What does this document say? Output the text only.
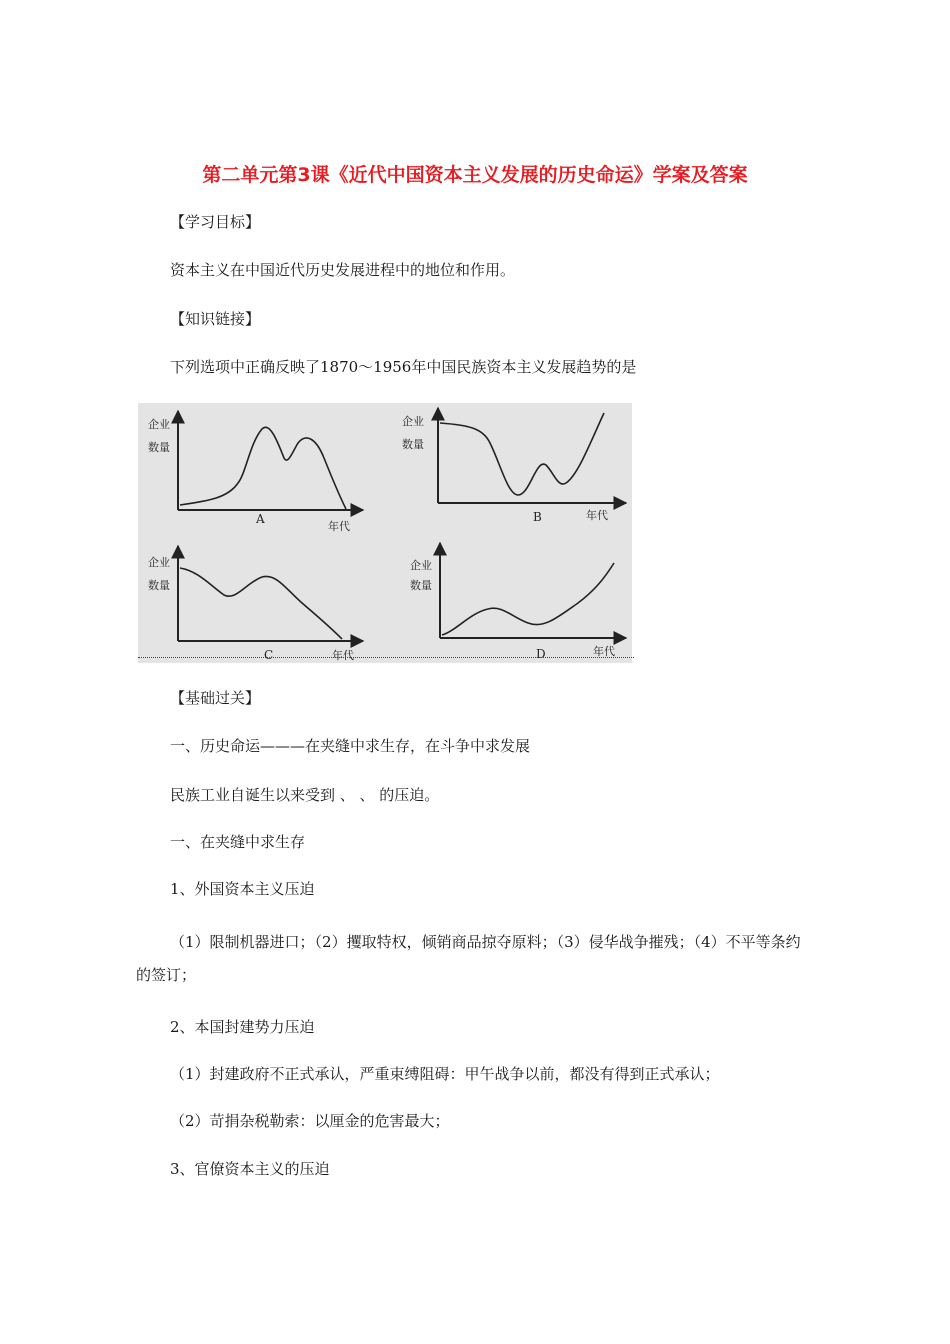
第二单元第3课《近代中国资本主义发展的历史命运》学案及答案

【学习目标】

资本主义在中国近代历史发展进程中的地位和作用。

【知识链接】

下列选项中正确反映了1870～1956年中国民族资本主义发展趋势的是

企业
数量
A
年代
企业
数量
B	年代
企业
数量
C	年代
企业
数量
D	年代

【基础过关】

一、历史命运———在夹缝中求生存，在斗争中求发展

民族工业自诞生以来受到 、 、 的压迫。

一、在夹缝中求生存

1、外国资本主义压迫

（1）限制机器进口；（2）攫取特权，倾销商品掠夺原料；（3）侵华战争摧残；（4）不平等条约的签订；

2、本国封建势力压迫

（1）封建政府不正式承认，严重束缚阻碍：甲午战争以前，都没有得到正式承认；

（2）苛捐杂税勒索：以厘金的危害最大；

3、官僚资本主义的压迫
